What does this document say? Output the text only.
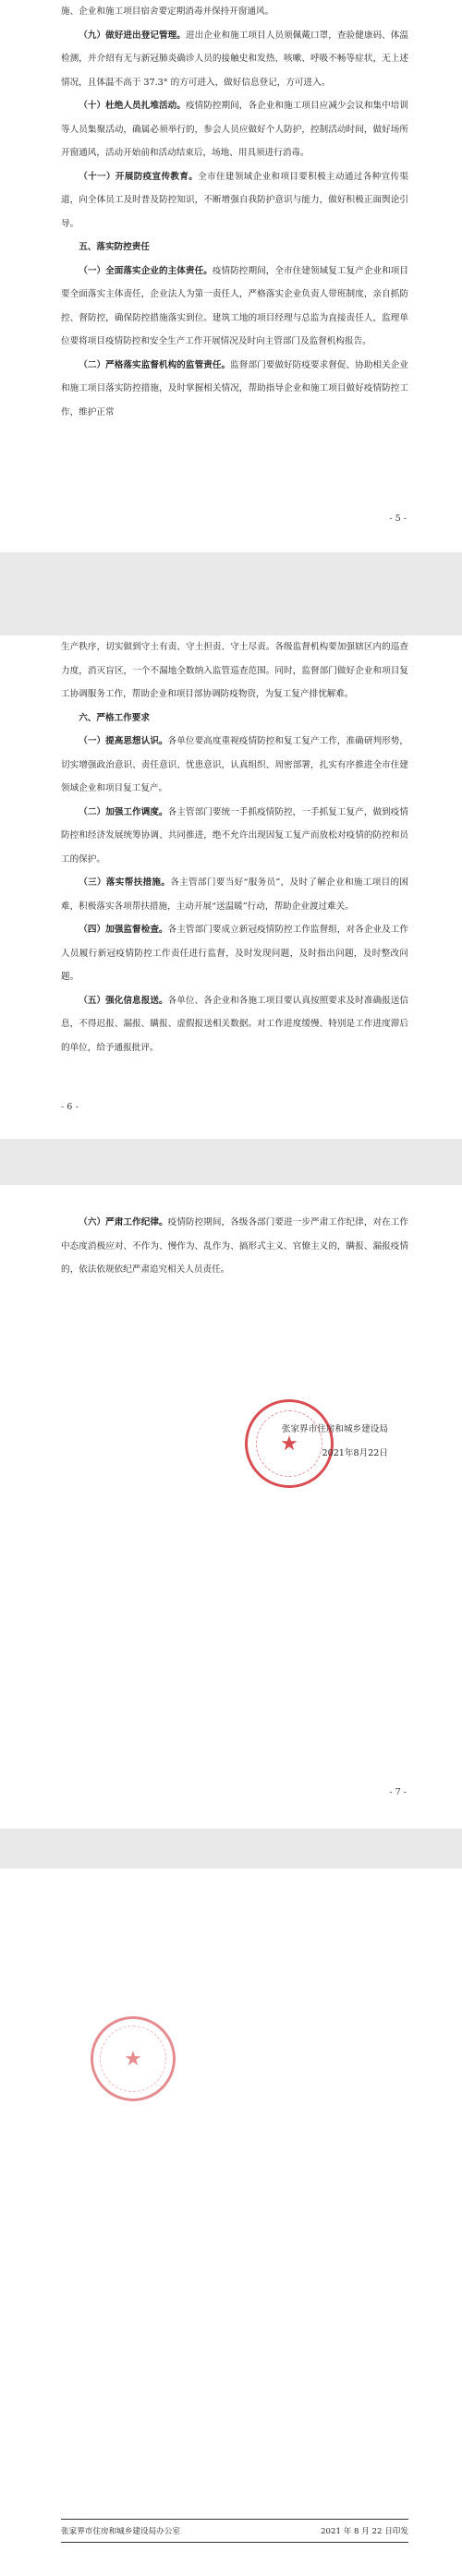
施、企业和施工项目宿舍要定期消毒并保持开窗通风。

（九）做好进出登记管理。进出企业和施工项目人员须佩戴口罩，查验健康码、体温检测，并介绍有无与新冠肺炎确诊人员的接触史和发热、咳嗽、呼吸不畅等症状，无上述情况，且体温不高于 37.3° 的方可进入，做好信息登记，方可进入。

（十）杜绝人员扎堆活动。疫情防控期间，各企业和施工项目应减少会议和集中培训等人员集聚活动，确属必须举行的，参会人员应做好个人防护，控制活动时间，做好场所开窗通风，活动开始前和活动结束后，场地、用具须进行消毒。

（十一）开展防疫宣传教育。全市住建领域企业和项目要积极主动通过各种宣传渠道，向全体员工及时普及防控知识，不断增强自我防护意识与能力，做好积极正面舆论引导。

五、落实防控责任

（一）全面落实企业的主体责任。疫情防控期间，全市住建领域复工复产企业和项目要全面落实主体责任，企业法人为第一责任人，严格落实企业负责人带班制度，亲自抓防控、督防控，确保防控措施落实到位。建筑工地的项目经理与总监为直接责任人，监理单位要将项目疫情防控和安全生产工作开展情况及时向主管部门及监督机构报告。

（二）严格落实监督机构的监管责任。监督部门要做好防疫要求督促、协助相关企业和施工项目落实防控措施，及时掌握相关情况，帮助指导企业和施工项目做好疫情防控工作，维护正常

- 5 -

生产秩序，切实做到守土有责、守土担责、守土尽责。各级监督机构要加强辖区内的巡查力度，消灭盲区，一个不漏地全数纳入监管巡查范围。同时，监督部门做好企业和项目复工协调服务工作，帮助企业和项目部协调防疫物资，为复工复产排忧解难。

六、严格工作要求

（一）提高思想认识。各单位要高度重视疫情防控和复工复产工作，准确研判形势，切实增强政治意识、责任意识、忧患意识，认真组织、周密部署，扎实有序推进全市住建领域企业和项目复工复产。

（二）加强工作调度。各主管部门要统一手抓疫情防控，一手抓复工复产，做到疫情防控和经济发展统筹协调、共同推进，绝不允许出现因复工复产而放松对疫情的防控和员工的保护。

（三）落实帮扶措施。各主管部门要当好“服务员”，及时了解企业和施工项目的困难，积极落实各项帮扶措施，主动开展“送温暖”行动，帮助企业渡过难关。

（四）加强监督检查。各主管部门要成立新冠疫情防控工作监督组，对各企业及工作人员履行新冠疫情防控工作责任进行监督，及时发现问题，及时指出问题，及时整改问题。

（五）强化信息报送。各单位、各企业和各施工项目要认真按照要求及时准确报送信息，不得迟报、漏报、瞒报、虚假报送相关数据。对工作进度缓慢、特别是工作进度滞后的单位，给予通报批评。

- 6 -

（六）严肃工作纪律。疫情防控期间，各级各部门要进一步严肃工作纪律，对在工作中态度消极应对、不作为、慢作为、乱作为、搞形式主义、官僚主义的，瞒报、漏报疫情的，依法依规依纪严肃追究相关人员责任。

★
张家界市住房和城乡建设局
2021年8月22日
- 7 -
★
张家界市住房和城乡建设局办公室	2021 年 8 月 22 日印发
